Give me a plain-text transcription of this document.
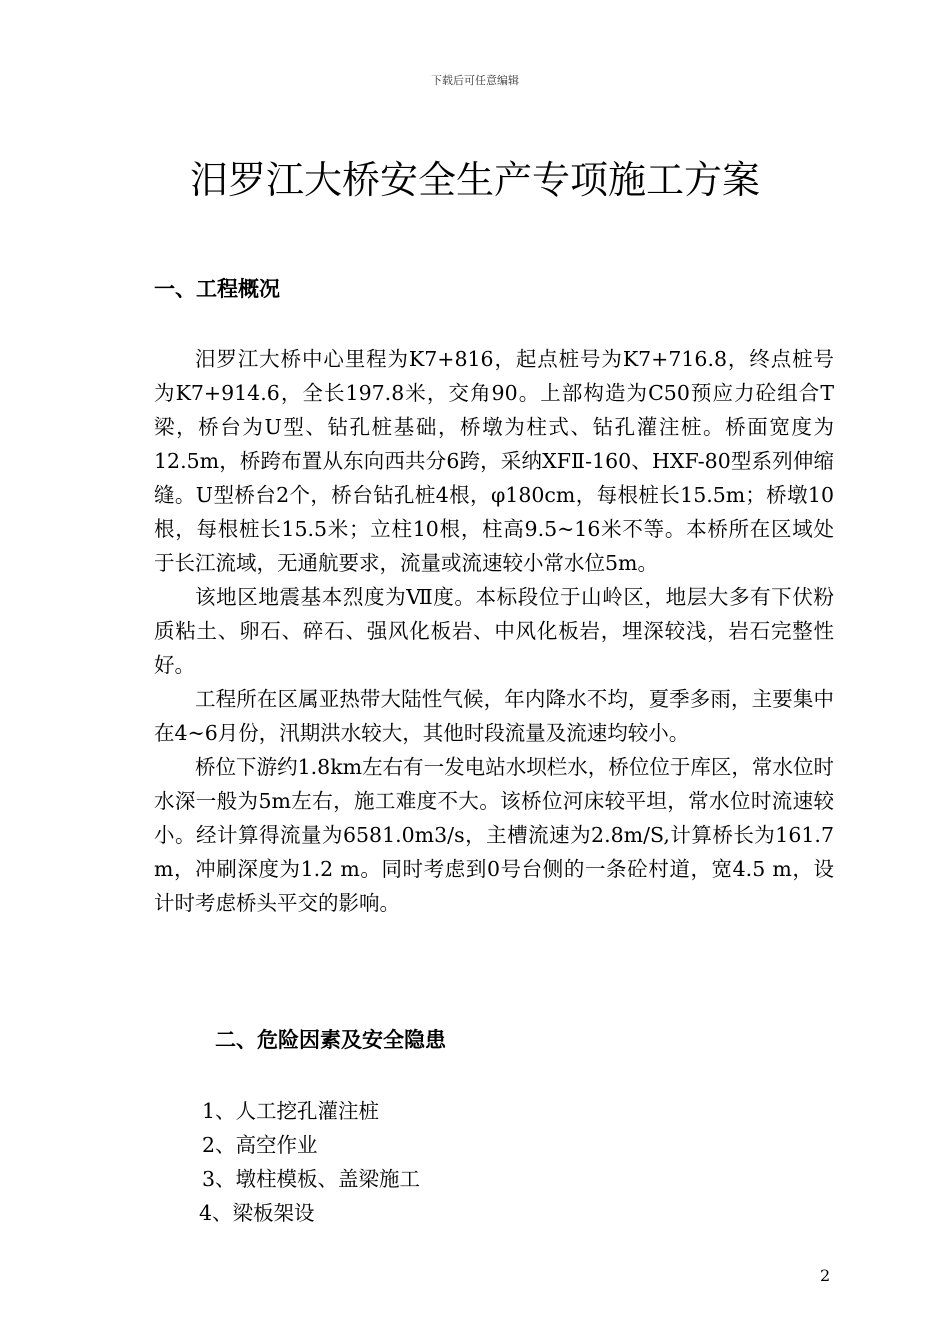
下载后可任意编辑
汨罗江大桥安全生产专项施工方案
一、工程概况

汨罗江大桥中心里程为K7+816，起点桩号为K7+716.8，终点桩号为K7+914.6，全长197.8米，交角90。上部构造为C50预应力砼组合T梁，桥台为U型、钻孔桩基础，桥墩为柱式、钻孔灌注桩。桥面宽度为12.5m，桥跨布置从东向西共分6跨，采纳XFⅡ-160、HXF-80型系列伸缩缝。U型桥台2个，桥台钻孔桩4根，φ180cm，每根桩长15.5m；桥墩10根，每根桩长15.5米；立柱10根，柱高9.5~16米不等。本桥所在区域处于长江流域，无通航要求，流量或流速较小常水位5m。

该地区地震基本烈度为Ⅶ度。本标段位于山岭区，地层大多有下伏粉质粘土、卵石、碎石、强风化板岩、中风化板岩，埋深较浅，岩石完整性好。

工程所在区属亚热带大陆性气候，年内降水不均，夏季多雨，主要集中在4~6月份，汛期洪水较大，其他时段流量及流速均较小。

桥位下游约1.8km左右有一发电站水坝栏水，桥位位于库区，常水位时水深一般为5m左右，施工难度不大。该桥位河床较平坦，常水位时流速较小。经计算得流量为6581.0m3/s，主槽流速为2.8m/S,计算桥长为161.7 m，冲刷深度为1.2 m。同时考虑到0号台侧的一条砼村道，宽4.5 m，设计时考虑桥头平交的影响。

二、危险因素及安全隐患
1、人工挖孔灌注桩
2、高空作业
3、墩柱模板、盖梁施工
4、梁板架设
2
